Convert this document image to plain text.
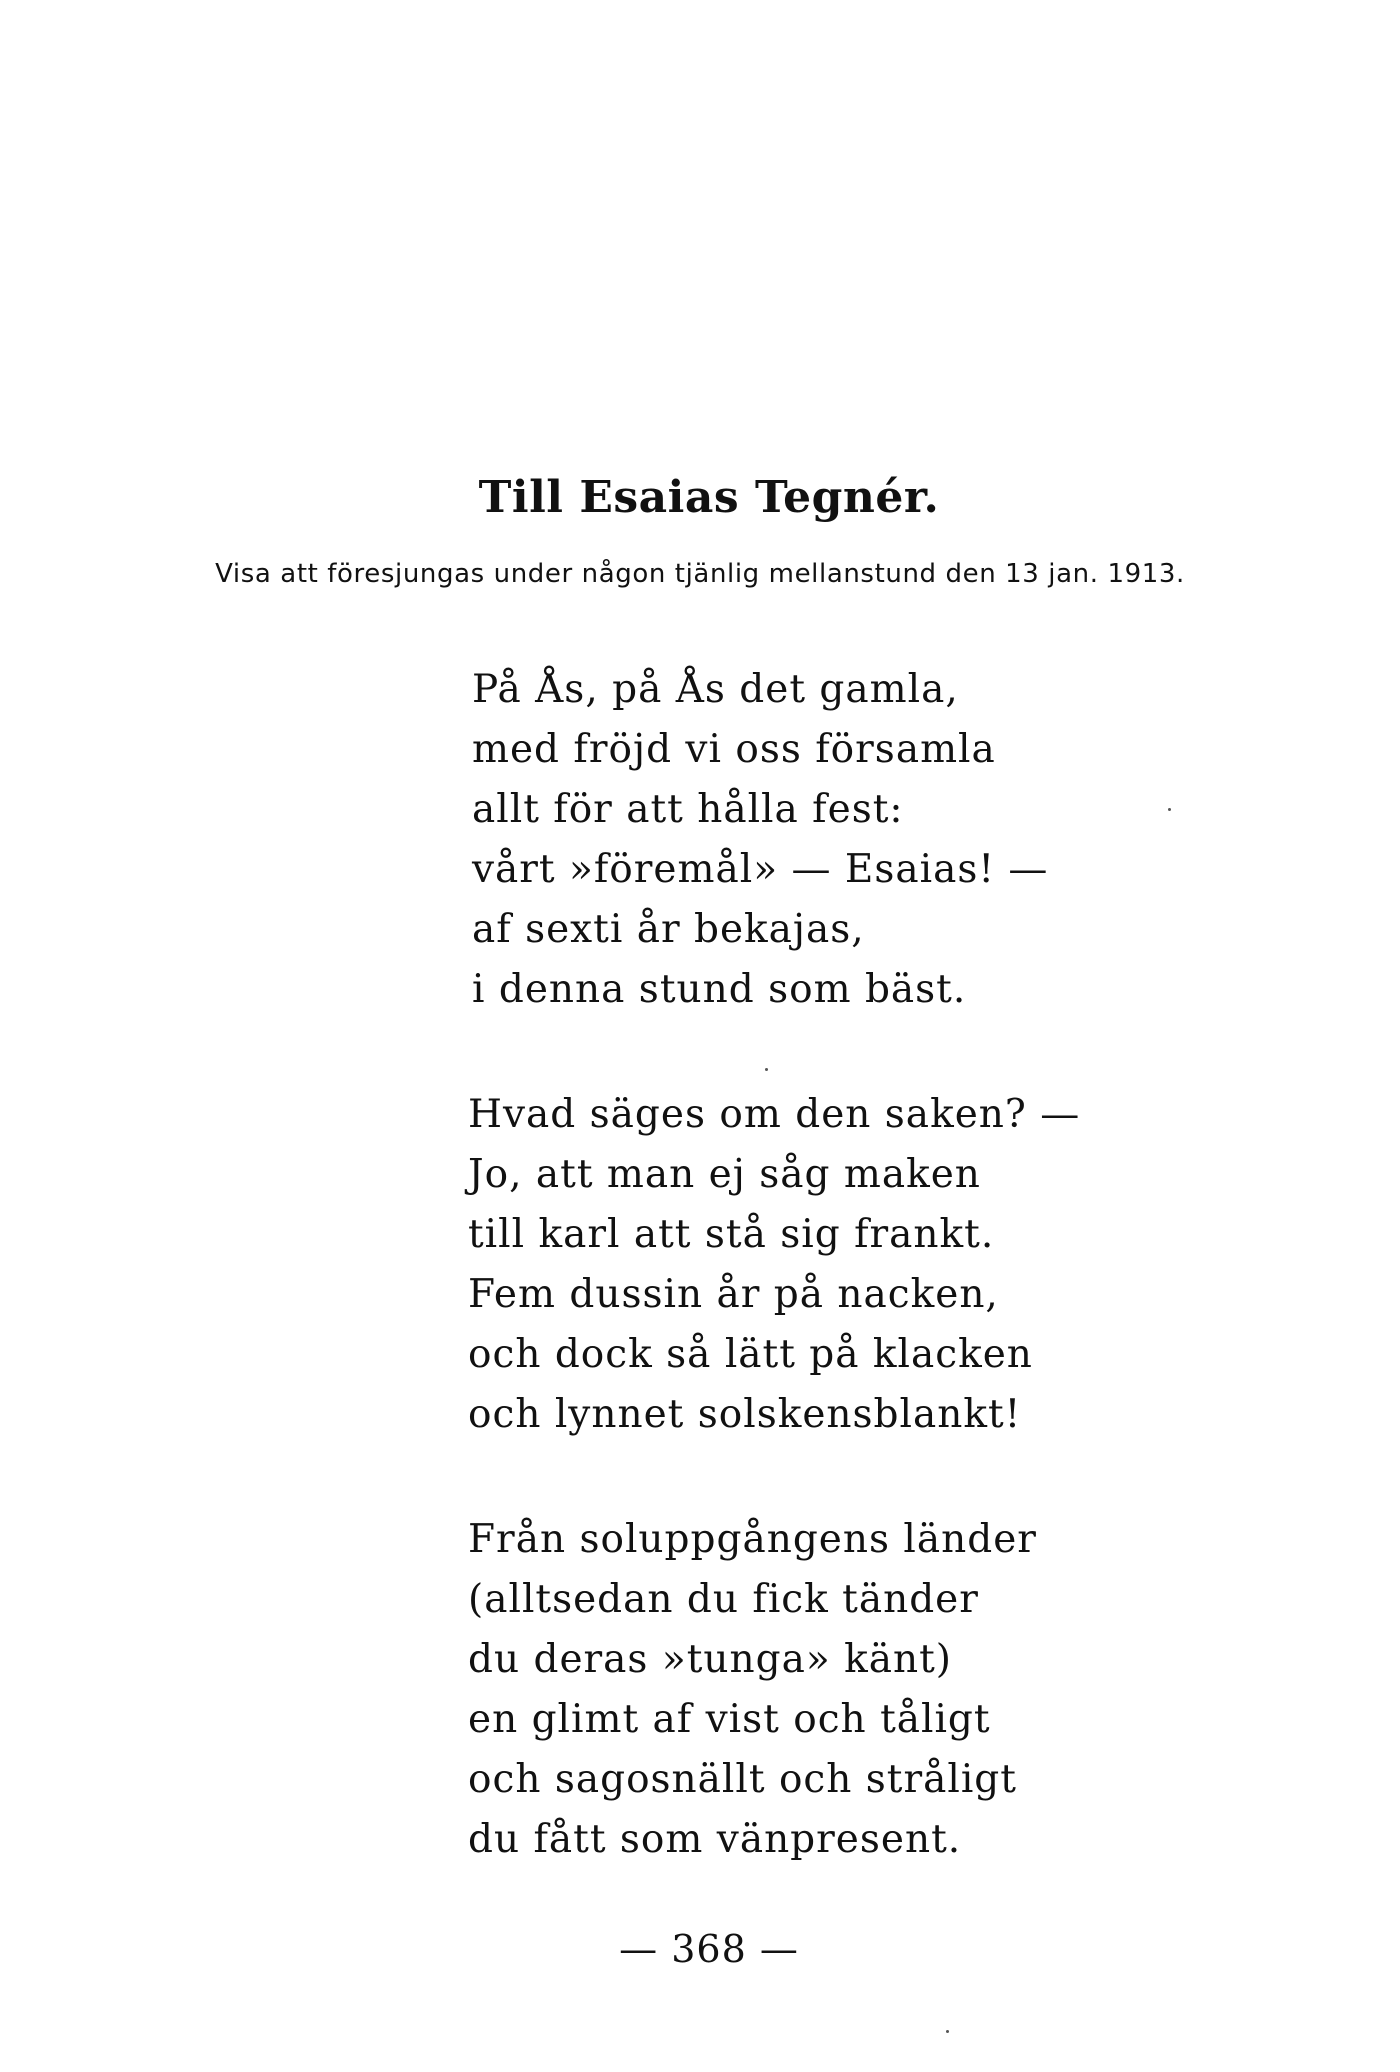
Till Esaias Tegnér.
Visa att föresjungas under någon tjänlig mellanstund den 13 jan. 1913.
På Ås, på Ås det gamla,
med fröjd vi oss församla
allt för att hålla fest:
vårt »föremål» — Esaias! —
af sexti år bekajas,
i denna stund som bäst.
Hvad säges om den saken? —
Jo, att man ej såg maken
till karl att stå sig frankt.
Fem dussin år på nacken,
och dock så lätt på klacken
och lynnet solskensblankt!
Från soluppgångens länder
(alltsedan du fick tänder
du deras »tunga» känt)
en glimt af vist och tåligt
och sagosnällt och stråligt
du fått som vänpresent.
— 368 —
